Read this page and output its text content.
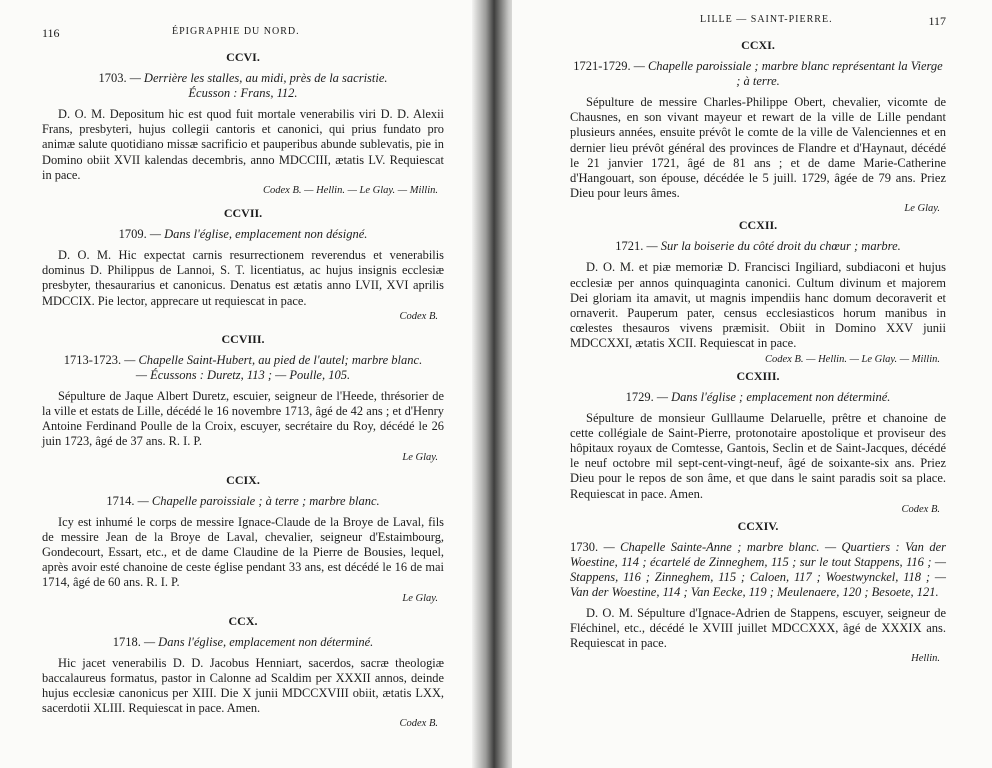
116	ÉPIGRAPHIE DU NORD.
CCVI.
1703. — Derrière les stalles, au midi, près de la sacristie.
Écusson : Frans, 112.

D. O. M. Depositum hic est quod fuit mortale venerabilis viri D. D. Alexii Frans, presbyteri, hujus collegii cantoris et canonici, qui prius fundato pro animæ salute quotidiano missæ sacrificio et pauperibus abunde sublevatis, pie in Domino obiit XVII kalendas decembris, anno MDCCIII, ætatis LV. Requiescat in pace.

Codex B. — Hellin. — Le Glay. — Millin.
CCVII.
1709. — Dans l'église, emplacement non désigné.

D. O. M. Hic expectat carnis resurrectionem reverendus et venerabilis dominus D. Philippus de Lannoi, S. T. licentiatus, ac hujus insignis ecclesiæ presbyter, thesaurarius et canonicus. Denatus est ætatis anno LVII, XVI aprilis MDCCIX. Pie lector, apprecare ut requiescat in pace.

Codex B.
CCVIII.
1713-1723. — Chapelle Saint-Hubert, au pied de l'autel; marbre blanc.
— Écussons : Duretz, 113 ; — Poulle, 105.

Sépulture de Jaque Albert Duretz, escuier, seigneur de l'Heede, thrésorier de la ville et estats de Lille, décédé le 16 novembre 1713, âgé de 42 ans ; et d'Henry Antoine Ferdinand Poulle de la Croix, escuyer, secrétaire du Roy, décédé le 26 juin 1723, âgé de 37 ans. R. I. P.

Le Glay.
CCIX.
1714. — Chapelle paroissiale ; à terre ; marbre blanc.

Icy est inhumé le corps de messire Ignace-Claude de la Broye de Laval, fils de messire Jean de la Broye de Laval, chevalier, seigneur d'Estaimbourg, Gondecourt, Essart, etc., et de dame Claudine de la Pierre de Bousies, lequel, après avoir esté chanoine de ceste église pendant 33 ans, est décédé le 16 de mai 1714, âgé de 60 ans. R. I. P.

Le Glay.
CCX.
1718. — Dans l'église, emplacement non déterminé.

Hic jacet venerabilis D. D. Jacobus Henniart, sacerdos, sacræ theologiæ baccalaureus formatus, pastor in Calonne ad Scaldim per XXXII annos, deinde hujus ecclesiæ canonicus per XIII. Die X junii MDCCXVIII obiit, ætatis LXX, sacerdotii XLIII. Requiescat in pace. Amen.

Codex B.
LILLE — SAINT-PIERRE.	117
CCXI.
1721-1729. — Chapelle paroissiale ; marbre blanc représentant la Vierge ; à terre.

Sépulture de messire Charles-Philippe Obert, chevalier, vicomte de Chausnes, en son vivant mayeur et rewart de la ville de Lille pendant plusieurs années, ensuite prévôt le comte de la ville de Valenciennes et en dernier lieu prévôt général des provinces de Flandre et d'Haynaut, décédé le 21 janvier 1721, âgé de 81 ans ; et de dame Marie-Catherine d'Hangouart, son épouse, décédée le 5 juill. 1729, âgée de 79 ans. Priez Dieu pour leurs âmes.

Le Glay.
CCXII.
1721. — Sur la boiserie du côté droit du chœur ; marbre.

D. O. M. et piæ memoriæ D. Francisci Ingiliard, subdiaconi et hujus ecclesiæ per annos quinquaginta canonici. Cultum divinum et majorem Dei gloriam ita amavit, ut magnis impendiis hanc domum decoraverit et ornaverit. Pauperum pater, census ecclesiasticos horum manibus in cœlestes thesauros vivens præmisit. Obiit in Domino XXV junii MDCCXXI, ætatis XCII. Requiescat in pace.

Codex B. — Hellin. — Le Glay. — Millin.
CCXIII.
1729. — Dans l'église ; emplacement non déterminé.

Sépulture de monsieur Gulllaume Delaruelle, prêtre et chanoine de cette collégiale de Saint-Pierre, protonotaire apostolique et proviseur des hôpitaux royaux de Comtesse, Gantois, Seclin et de Saint-Jacques, décédé le neuf octobre mil sept-cent-vingt-neuf, âgé de soixante-six ans. Priez Dieu pour le repos de son âme, et que dans le saint paradis soit sa place. Requiescat in pace. Amen.

Codex B.
CCXIV.
1730. — Chapelle Sainte-Anne ; marbre blanc. — Quartiers : Van der Woestine, 114 ; écartelé de Zinneghem, 115 ; sur le tout Stappens, 116 ; — Stappens, 116 ; Zinneghem, 115 ; Caloen, 117 ; Woestwynckel, 118 ; — Van der Woestine, 114 ; Van Eecke, 119 ; Meulenaere, 120 ; Besoete, 121.

D. O. M. Sépulture d'Ignace-Adrien de Stappens, escuyer, seigneur de Fléchinel, etc., décédé le XVIII juillet MDCCXXX, âgé de XXXIX ans. Requiescat in pace.

Hellin.
